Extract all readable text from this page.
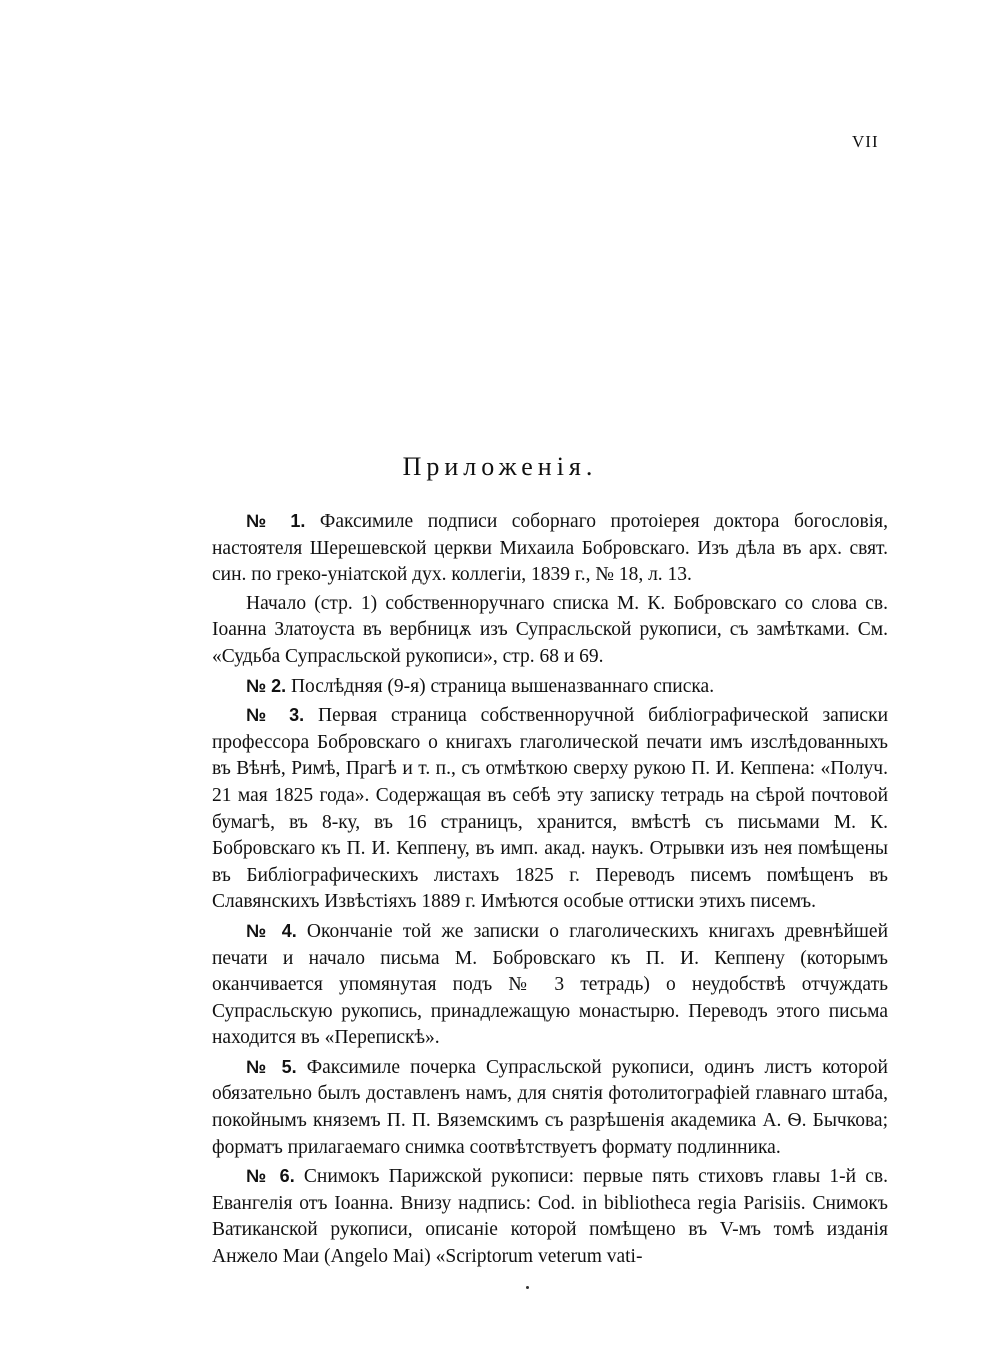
VII
Приложенія.

№ 1. Факсимиле подписи соборнаго протоіерея доктора богословія, настоятеля Шерешевской церкви Михаила Бобровскаго. Изъ дѣла въ арх. свят. син. по греко-уніатской дух. коллегіи, 1839 г., № 18, л. 13.

Начало (стр. 1) собственноручнаго списка М. К. Бобровскаго со слова св. Іоанна Златоуста въ вербницѫ изъ Супрасльской рукописи, съ замѣтками. См. «Судьба Супрасльской рукописи», стр. 68 и 69.

№ 2. Послѣдняя (9-я) страница вышеназваннаго списка.

№ 3. Первая страница собственноручной библіографической записки профессора Бобровскаго о книгахъ глаголической печати имъ изслѣдованныхъ въ Вѣнѣ, Римѣ, Прагѣ и т. п., съ отмѣткою сверху рукою П. И. Кеппена: «Получ. 21 мая 1825 года». Содержащая въ себѣ эту записку тетрадь на сѣрой почтовой бумагѣ, въ 8-ку, въ 16 страницъ, хранится, вмѣстѣ съ письмами М. К. Бобровскаго къ П. И. Кеппену, въ имп. акад. наукъ. Отрывки изъ нея помѣщены въ Библіографическихъ листахъ 1825 г. Переводъ писемъ помѣщенъ въ Славянскихъ Извѣстіяхъ 1889 г. Имѣются особые оттиски этихъ писемъ.

№ 4. Окончаніе той же записки о глаголическихъ книгахъ древнѣйшей печати и начало письма М. Бобровскаго къ П. И. Кеппену (которымъ оканчивается упомянутая подъ № 3 тетрадь) о неудобствѣ отчуждать Супрасльскую рукопись, принадлежащую монастырю. Переводъ этого письма находится въ «Перепискѣ».

№ 5. Факсимиле почерка Супрасльской рукописи, одинъ листъ которой обязательно былъ доставленъ намъ, для снятія фотолитографіей главнаго штаба, покойнымъ княземъ П. П. Вяземскимъ съ разрѣшенія академика А. Ѳ. Бычкова; форматъ прилагаемаго снимка соотвѣтствуетъ формату подлинника.

№ 6. Снимокъ Парижской рукописи: первые пять стиховъ главы 1-й св. Евангелія отъ Іоанна. Внизу надпись: Cod. in bibliotheca regia Parisiis. Снимокъ Ватиканской рукописи, описаніе которой помѣщено въ V-мъ томѣ изданія Анжело Маи (Angelo Mai) «Scriptorum veterum vati-
